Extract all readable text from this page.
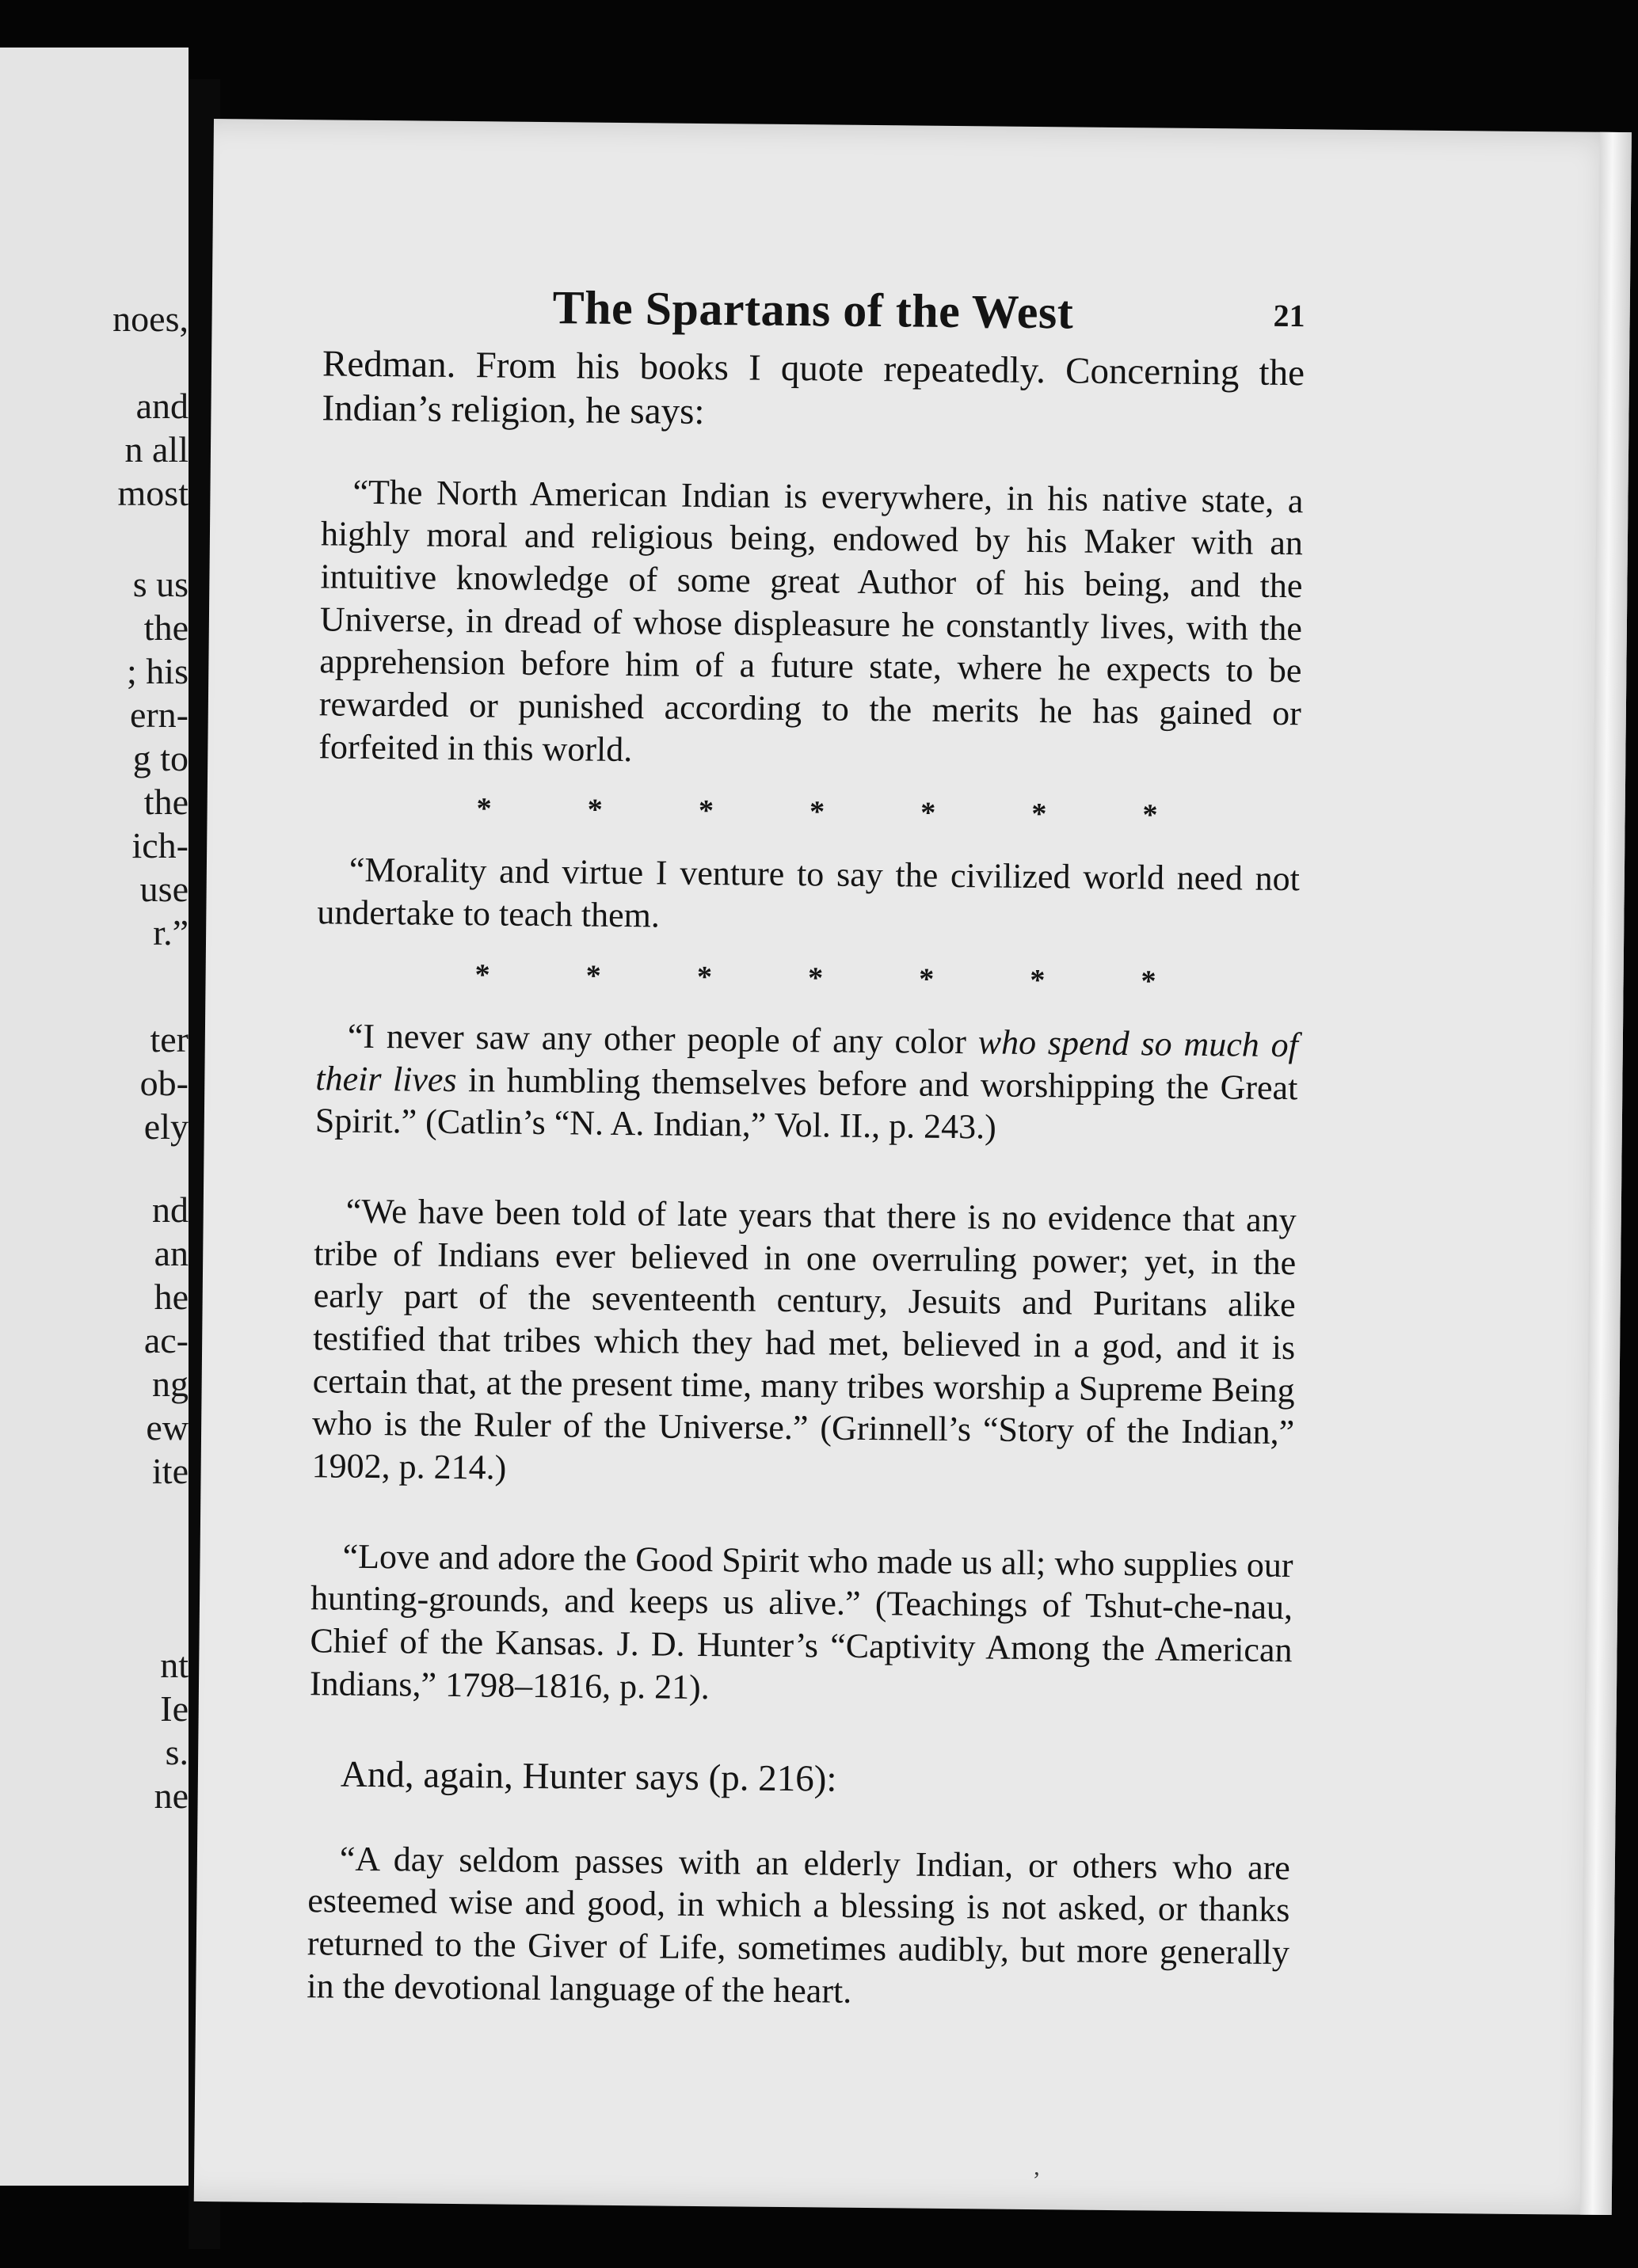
noes,
and
n all
most
s us
the
; his
ern-
g to
the
ich-
use
r.”
ter
ob-
ely
nd
an
he
ac-
ng
ew
ite
nt
Ie
s.
ne
The Spartans of the West	21

Redman. From his books I quote repeatedly. Concerning the Indian’s religion, he says:

“The North American Indian is everywhere, in his native state, a highly moral and religious being, endowed by his Maker with an intuitive knowledge of some great Author of his being, and the Universe, in dread of whose displeasure he constantly lives, with the apprehension before him of a future state, where he expects to be rewarded or punished according to the merits he has gained or forfeited in this world.

*	*	*	*	*	*	*

“Morality and virtue I venture to say the civilized world need not undertake to teach them.

*	*	*	*	*	*	*

“I never saw any other people of any color who spend so much of their lives in humbling themselves before and worshipping the Great Spirit.” (Catlin’s “N. A. Indian,” Vol. II., p. 243.)

“We have been told of late years that there is no evidence that any tribe of Indians ever believed in one overruling power; yet, in the early part of the seventeenth century, Jesuits and Puritans alike testified that tribes which they had met, believed in a god, and it is certain that, at the present time, many tribes worship a Supreme Being who is the Ruler of the Universe.” (Grinnell’s “Story of the Indian,” 1902, p. 214.)

“Love and adore the Good Spirit who made us all; who supplies our hunting-grounds, and keeps us alive.” (Teachings of Tshut-che-nau, Chief of the Kansas. J. D. Hunter’s “Captivity Among the American Indians,” 1798–1816, p. 21).

And, again, Hunter says (p. 216):

“A day seldom passes with an elderly Indian, or others who are esteemed wise and good, in which a blessing is not asked, or thanks returned to the Giver of Life, sometimes audibly, but more generally in the devotional language of the heart.

,
